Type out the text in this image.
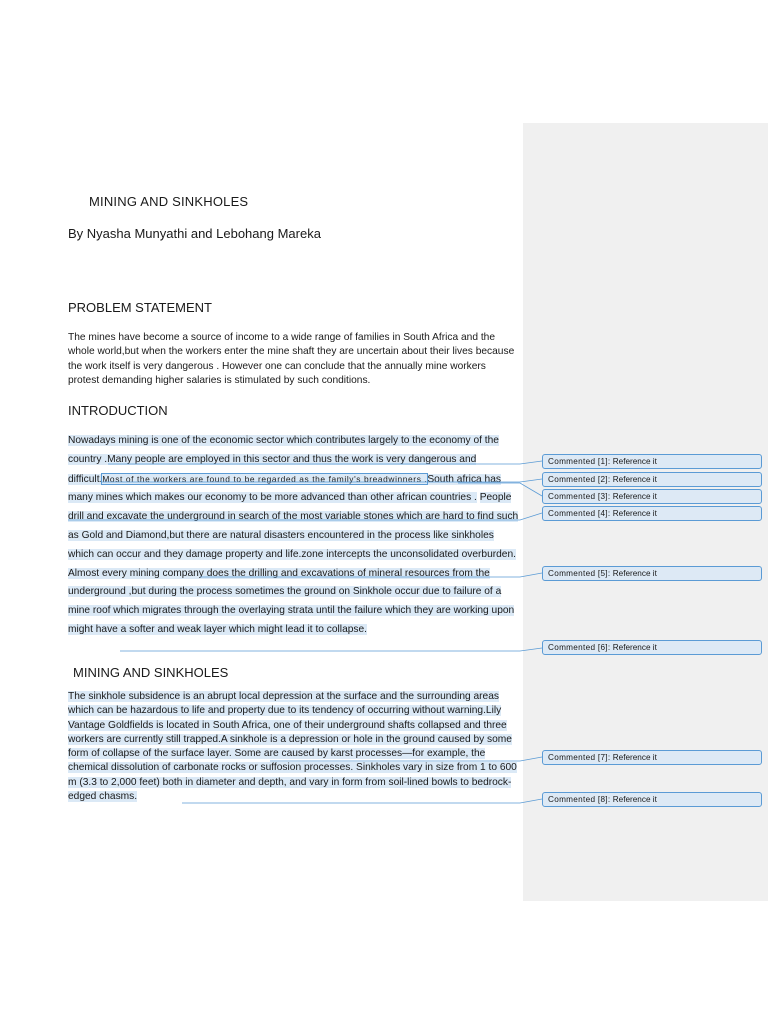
MINING AND SINKHOLES
By Nyasha Munyathi and Lebohang Mareka
PROBLEM STATEMENT
The mines have become a source of income to a wide range of families in South Africa and the whole world,but when the workers enter the mine shaft they are uncertain about their lives because the work itself is very dangerous . However one can conclude that the annually mine workers protest demanding higher salaries is stimulated by such conditions.
INTRODUCTION
Nowadays mining is one of the economic sector which contributes largely to the economy of the country .Many people are employed in this sector and thus the work is very dangerous and difficult.Most of the workers are found to be regarded as the family's breadwinners .South africa has many mines which makes our economy to be more advanced than other african countries . People drill and excavate the underground in search of the most variable stones which are hard to find such as Gold and Diamond,but there are natural disasters encountered in the process like sinkholes which can occur and they damage property and life.zone intercepts the unconsolidated overburden. Almost every mining company does the drilling and excavations of mineral resources from the underground ,but during the process sometimes the ground on Sinkhole occur due to failure of a mine roof which migrates through the overlaying strata until the failure which they are working upon might have a softer and weak layer which might lead it to collapse.
MINING AND SINKHOLES
The sinkhole subsidence is an abrupt local depression at the surface and the surrounding areas which can be hazardous to life and property due to its tendency of occurring without warning.Lily Vantage Goldfields is located in South Africa, one of their underground shafts collapsed and three workers are currently still trapped.A sinkhole is a depression or hole in the ground caused by some form of collapse of the surface layer. Some are caused by karst processes—for example, the chemical dissolution of carbonate rocks or suffosion processes. Sinkholes vary in size from 1 to 600 m (3.3 to 2,000 feet) both in diameter and depth, and vary in form from soil-lined bowls to bedrock-edged chasms.
Commented [1]: Reference it
Commented [2]: Reference it
Commented [3]: Reference it
Commented [4]: Reference it
Commented [5]: Reference it
Commented [6]: Reference it
Commented [7]: Reference it
Commented [8]: Reference it
